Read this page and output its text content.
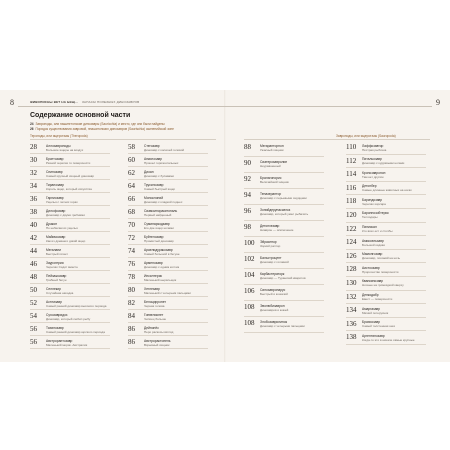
8	9
ЖИВОПИСНЫ ВЕТ НА БЕЩ... ЗАПАСЫ ПОЛЕЗНЫХ ДИНОЗАВРОВ
Содержание основной части
24 Завроподы, или нашингтонские динозавры (Sauricchia) и место, где они были найдены
26 Порядок существования завровой, пнашитонских динозавров (Saurischia) окиленийской зоне
Тероподы, или ящеротазы (Theropoda)	Завроподы, или ящеротазы (Sauropoda)
28	Аллозавроподы
Большие ящеры на воздух
30	Браттозавр
Разной черепах то поверхности
32	Спинозавр
Самый крупный хищный динозавр
34	Тиранозавр
Король ящер, который искусства
36	Гарпиозавр
Ущелья с летних горах
38	Дилофозавр
Динозавр с двумя гребнями
40	Дракон
По небесам из ущелья
42	Майимозавр
Как из древнего дикий ящер
44	Мегалани
Быстрый гигант
46	Заурогерия
Черепах Сидит вместе
48	Пейзажозавр
Грабный бегун
50	Селлекир
Случайная находка
52	Астлизавр
Самый ранний динозавр высокого периода
54	Сухозавридоз
Динозавр, который любил рыбу
56	Тахинозавр
Самый ранний динозавр юрского периода
56	Австрораптозавр
Маленький морик. Австралия
58	Стегозавр
Динозавр с колючей головой
60	Анкилозавр
Прошел горизонтальных
62	Диоан
Динозавр с булавами
64	Трусилозавр
Самый быстрый ящер
66	Моноклоний
Динозавр с кладкой поднес
68	Сиамоиноракитопаль
Первый найденный
70	Суминаркодзавр
Его две ящер ночами
72	Буйтелозавр
Прожистый динозавр
74	Араелидуракозавр
Самый большой в бегуне
76	Арменозавр
Динозавр с одним когтем
78	Ипсилтерис
Маленький ныряльщик
80	Хеглезавр
Маленький с четырьмя пальцами
82	Белоцирропет
Черная голова
84	Гонвелиопет
Чилиец больше
86	Дейнонёс
Перо раскосы взгляд
86	Австрорастопель
Взрывный хищник
88	Мегарапторнон
Ужасный хищник
90	Сиатерозавролин
Неуравненный
92	Бралагонорис
Величайший хищник
94	Теназераптор
Динозавр с перьевыми сердцами
96	Зонийдерунасиатоз
Динозавр, который умел рыбачить
98	Детонхезавр
Ниаврон — исключение
100 Эйрааптор
Зоркий раптор
102 Бальстроцент
Динозавр с головкой
104 Карбастераторк
Динозавр — Туранский кваритов
106 Синозавропарус
Быстрый и кошачий
108 Эволюбизаврон
Динозавров и кожей
108 Злобозавролинок
Динозавр с четырьмя пальцами
110 Лаффозавтор
Пёстрая рыбочка
112 Питальозавр
Динозавр с кудрявыми ногами
114 Кронозавропоп
Там нет другим
116 Детонбер
Самые длинные животных на ногах
118 Бариндозавр
Черепах корсара
120 Бароннозобтерис
Теплодары
122 Пинискал
Кто всех ест и столбы
124 Амикоэльзавр
Большой кидкая
126 Мамонгозавр
Динозавр, похожий на ночь
128 Аистоозавр
Пророчество поверхности
130 Кванкинозавр
Ночные на громоздкой кверху
132 Денкодабр
Евест — поверхности
134 Амаргазавр
Мягкий потерусник
136 Брахиозавр
Самый толстенная шея
138 Аргентинозавр
Когда-то это в начале самые крупные
